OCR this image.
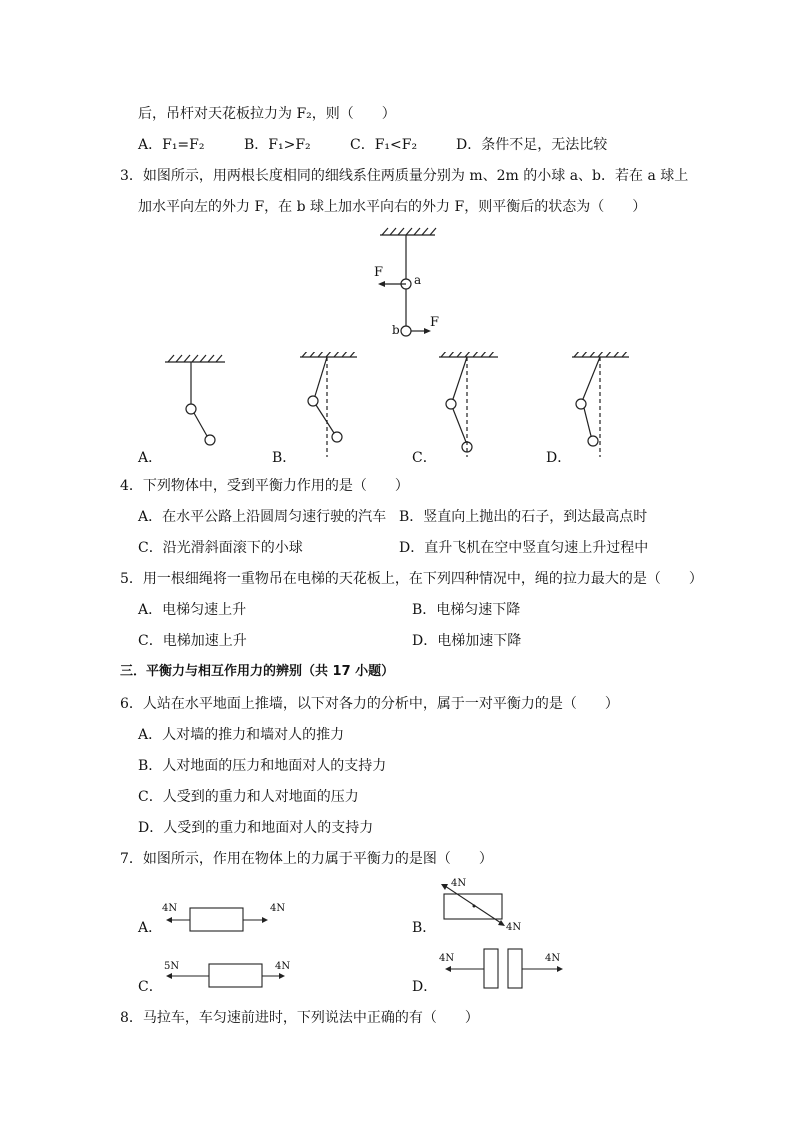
后，吊杆对天花板拉力为 F₂，则（　　）
A．F₁=F₂	B．F₁>F₂	C．F₁<F₂	D．条件不足，无法比较
3．如图所示，用两根长度相同的细线系住两质量分别为 m、2m 的小球 a、b．若在 a 球上
加水平向左的外力 F，在 b 球上加水平向右的外力 F，则平衡后的状态为（　　）
F	a
b F
A．	B．	C．	D．
4．下列物体中，受到平衡力作用的是（　　）
A．在水平公路上沿圆周匀速行驶的汽车 B．竖直向上抛出的石子，到达最高点时
C．沿光滑斜面滚下的小球	D．直升飞机在空中竖直匀速上升过程中
5．用一根细绳将一重物吊在电梯的天花板上，在下列四种情况中，绳的拉力最大的是（　　）
A．电梯匀速上升	B．电梯匀速下降
C．电梯加速上升	D．电梯加速下降
三．平衡力与相互作用力的辨别（共 17 小题）
6．人站在水平地面上推墙，以下对各力的分析中，属于一对平衡力的是（　　）
A．人对墙的推力和墙对人的推力
B．人对地面的压力和地面对人的支持力
C．人受到的重力和人对地面的压力
D．人受到的重力和地面对人的支持力
7．如图所示，作用在物体上的力属于平衡力的是图（　　）
4N	4N
A．
4N
4N
B．
5N	4N
C．
4N	4N
D．
8．马拉车，车匀速前进时，下列说法中正确的有（　　）
